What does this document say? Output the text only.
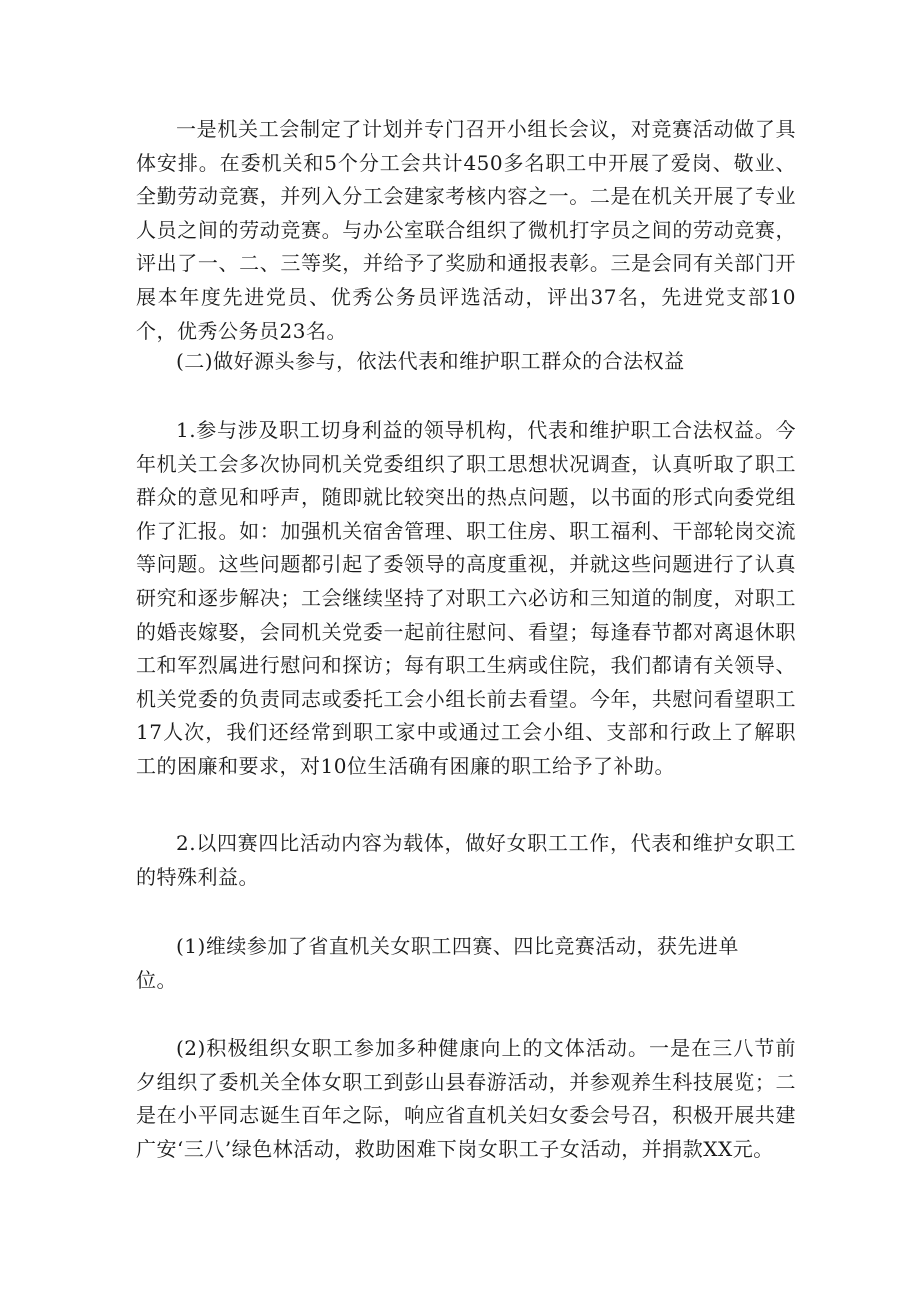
一是机关工会制定了计划并专门召开小组长会议，对竞赛活动做了具体安排。在委机关和5个分工会共计450多名职工中开展了爱岗、敬业、全勤劳动竞赛，并列入分工会建家考核内容之一。二是在机关开展了专业人员之间的劳动竞赛。与办公室联合组织了微机打字员之间的劳动竞赛，评出了一、二、三等奖，并给予了奖励和通报表彰。三是会同有关部门开展本年度先进党员、优秀公务员评选活动，评出37名，先进党支部10个，优秀公务员23名。

(二)做好源头参与，依法代表和维护职工群众的合法权益

1.参与涉及职工切身利益的领导机构，代表和维护职工合法权益。今年机关工会多次协同机关党委组织了职工思想状况调查，认真听取了职工群众的意见和呼声，随即就比较突出的热点问题，以书面的形式向委党组作了汇报。如：加强机关宿舍管理、职工住房、职工福利、干部轮岗交流等问题。这些问题都引起了委领导的高度重视，并就这些问题进行了认真研究和逐步解决；工会继续坚持了对职工六必访和三知道的制度，对职工的婚丧嫁娶，会同机关党委一起前往慰问、看望；每逢春节都对离退休职工和军烈属进行慰问和探访；每有职工生病或住院，我们都请有关领导、机关党委的负责同志或委托工会小组长前去看望。今年，共慰问看望职工17人次，我们还经常到职工家中或通过工会小组、支部和行政上了解职工的困廉和要求，对10位生活确有困廉的职工给予了补助。

2.以四赛四比活动内容为载体，做好女职工工作，代表和维护女职工的特殊利益。

(1)维续参加了省直机关女职工四赛、四比竞赛活动，获先进单位。

(2)积极组织女职工参加多种健康向上的文体活动。一是在三八节前夕组织了委机关全体女职工到彭山县春游活动，并参观养生科技展览；二是在小平同志诞生百年之际，响应省直机关妇女委会号召，积极开展共建广安‘三八’绿色林活动，救助困难下岗女职工子女活动，并捐款XX元。
